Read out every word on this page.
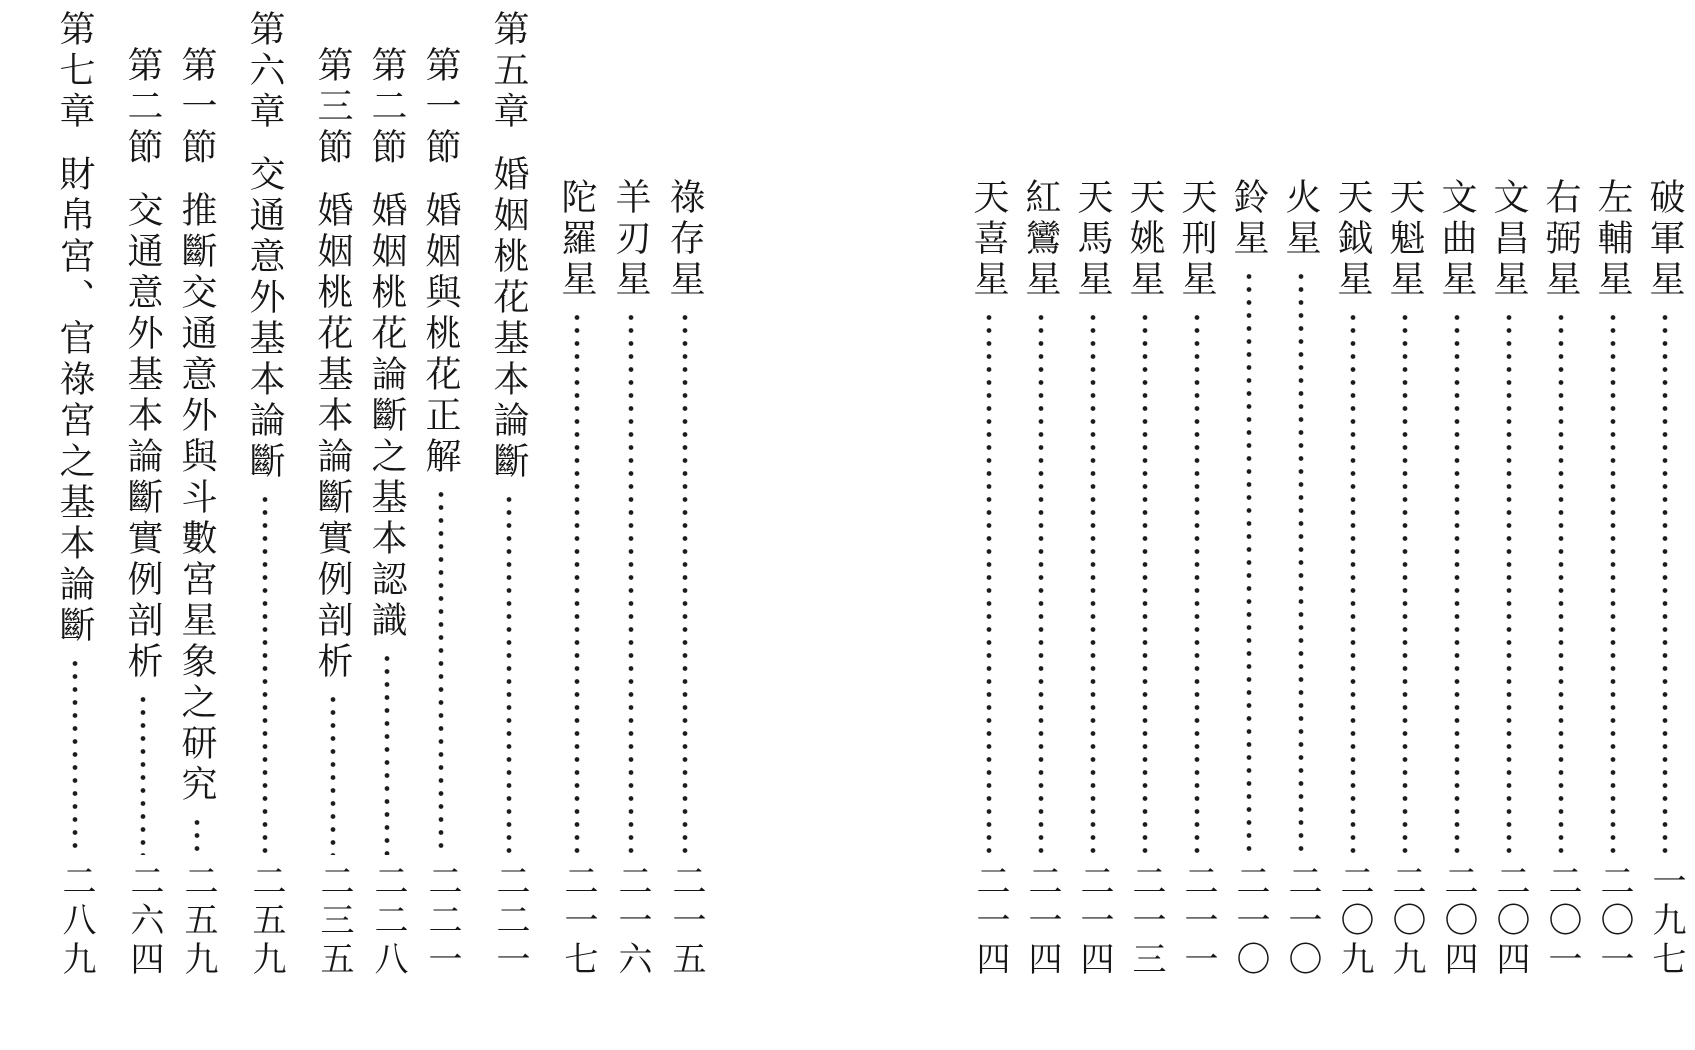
祿存星
二一五
羊刃星
二一六
陀羅星
二一七
第五章
婚姻桃花基本論斷
二二一
第一節
婚姻與桃花正解
二二一
第二節
婚姻桃花論斷之基本認識
二二八
第三節
婚姻桃花基本論斷實例剖析
二三五
第六章
交通意外基本論斷
二五九
第一節
推斷交通意外與斗數宮星象之研究
二五九
第二節
交通意外基本論斷實例剖析
二六四
第七章
財帛宮、官祿宮之基本論斷
二八九
破軍星
一九七
左輔星
二〇一
右弼星
二〇一
文昌星
二〇四
文曲星
二〇四
天魁星
二〇九
天鉞星
二〇九
火星
二一〇
鈴星
二一〇
天刑星
二一一
天姚星
二一三
天馬星
二一四
紅鸞星
二一四
天喜星
二一四
